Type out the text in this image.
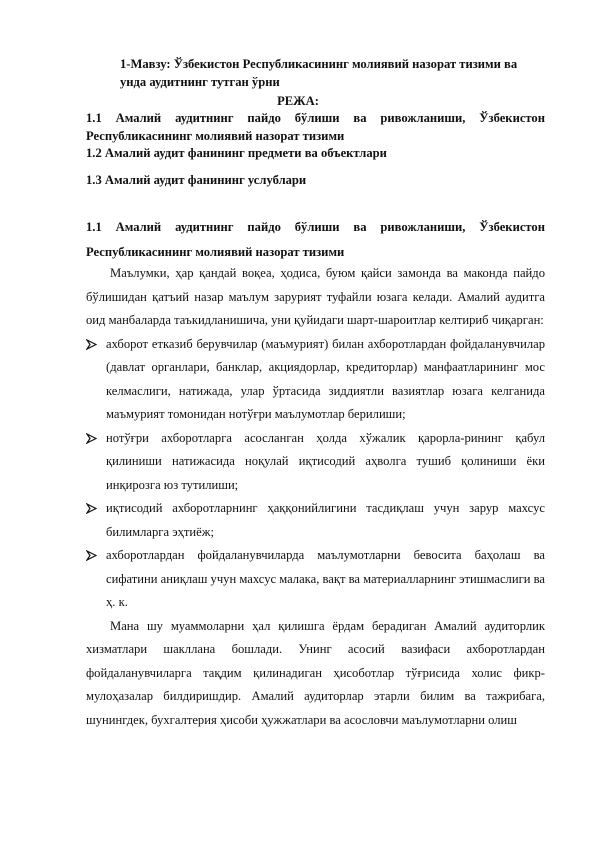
1-Мавзу: Ўзбекистон Республикасининг молиявий назорат тизими ва
унда аудитнинг тутган ўрни
РЕЖА:

1.1 Амалий аудитнинг пайдо бўлиши ва ривожланиши, Ўзбекистон Республикасининг молиявий назорат тизими

1.2 Амалий аудит фанининг предмети ва объектлари

1.3 Амалий аудит фанининг услублари

1.1 Амалий аудитнинг пайдо бўлиши ва ривожланиши, Ўзбекистон Республикасининг молиявий назорат тизими

Маълумки, ҳар қандай воқеа, ҳодиса, буюм қайси замонда ва маконда пайдо бўлишидан қатъий назар маълум зарурият туфайли юзага келади. Амалий аудитга оид манбаларда таъкидланишича, уни қуйидаги шарт-шароитлар келтириб чиқарган:

ахборот етказиб берувчилар (маъмурият) билан ахборотлардан фойдаланувчилар (давлат органлари, банклар, акциядорлар, кредиторлар) манфаатларининг мос келмаслиги, натижада, улар ўртасида зиддиятли вазиятлар юзага келганида маъмурият томонидан нотўғри маълумотлар берилиши;
нотўғри ахборотларга асосланган ҳолда хўжалик қарорла-рининг қабул қилиниши натижасида ноқулай иқтисодий аҳволга тушиб қолиниши ёки инқирозга юз тутилиши;
иқтисодий ахборотларнинг ҳаққонийлигини тасдиқлаш учун зарур махсус билимларга эҳтиёж;
ахборотлардан фойдаланувчиларда маълумотларни бевосита баҳолаш ва сифатини аниқлаш учун махсус малака, вақт ва материалларнинг этишмаслиги ва ҳ. к.

Мана шу муаммоларни ҳал қилишга ёрдам берадиган Амалий аудиторлик хизматлари шакллана бошлади. Унинг асосий вазифаси ахборотлардан фойдаланувчиларга тақдим қилинадиган ҳисоботлар тўғрисида холис фикр-мулоҳазалар билдиришдир. Амалий аудиторлар этарли билим ва тажрибага, шунингдек, бухгалтерия ҳисоби ҳужжатлари ва асословчи маълумотларни олиш
